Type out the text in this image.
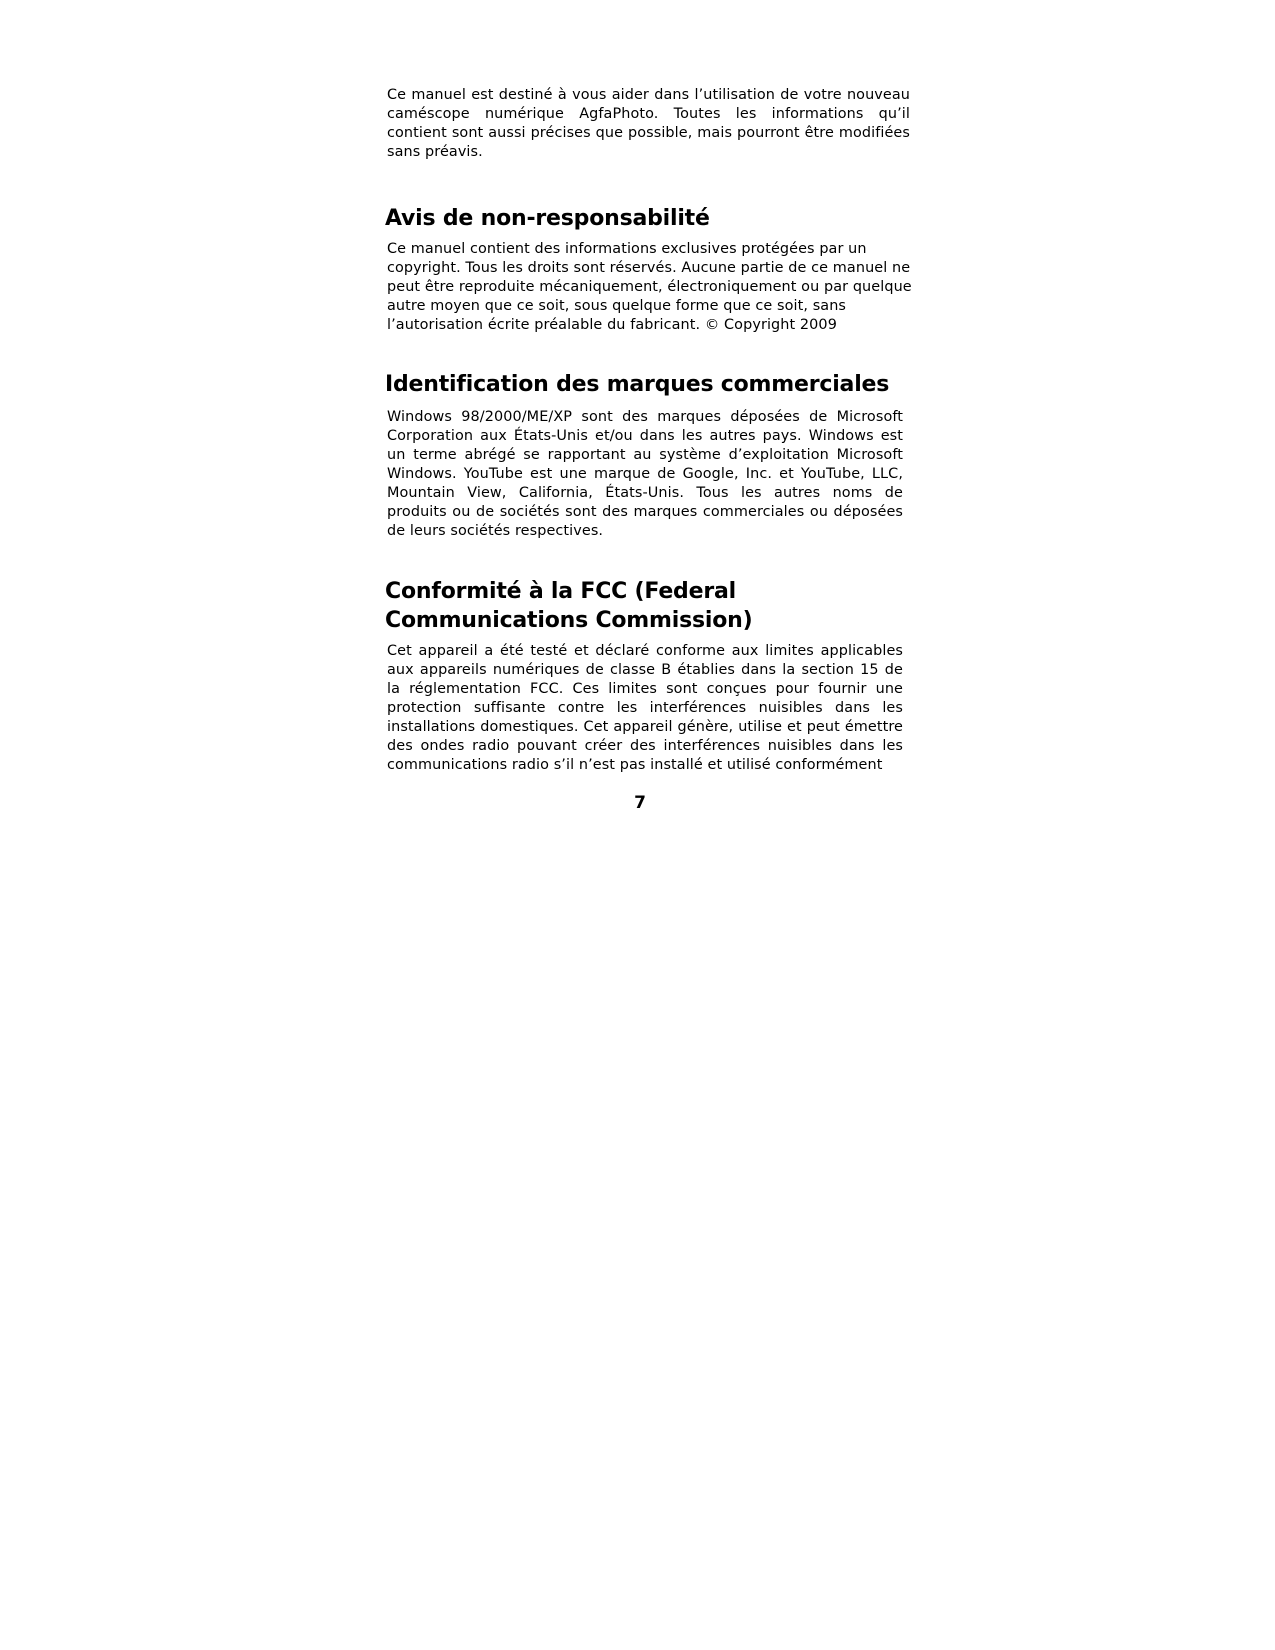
Ce manuel est destiné à vous aider dans l’utilisation de votre nouveau caméscope numérique AgfaPhoto. Toutes les informations qu’il contient sont aussi précises que possible, mais pourront être modifiées sans préavis.

Avis de non-responsabilité

Ce manuel contient des informations exclusives protégées par un copyright. Tous les droits sont réservés. Aucune partie de ce manuel ne peut être reproduite mécaniquement, électroniquement ou par quelque autre moyen que ce soit, sous quelque forme que ce soit, sans l’autorisation écrite préalable du fabricant. © Copyright 2009

Identification des marques commerciales

Windows 98/2000/ME/XP sont des marques déposées de Microsoft Corporation aux États-Unis et/ou dans les autres pays. Windows est un terme abrégé se rapportant au système d’exploitation Microsoft Windows. YouTube est une marque de Google, Inc. et YouTube, LLC, Mountain View, California, États-Unis. Tous les autres noms de produits ou de sociétés sont des marques commerciales ou déposées de leurs sociétés respectives.

Conformité à la FCC (Federal Communications Commission)

Cet appareil a été testé et déclaré conforme aux limites applicables aux appareils numériques de classe B établies dans la section 15 de la réglementation FCC. Ces limites sont conçues pour fournir une protection suffisante contre les interférences nuisibles dans les installations domestiques. Cet appareil génère, utilise et peut émettre des ondes radio pouvant créer des interférences nuisibles dans les communications radio s’il n’est pas installé et utilisé conformément

7
